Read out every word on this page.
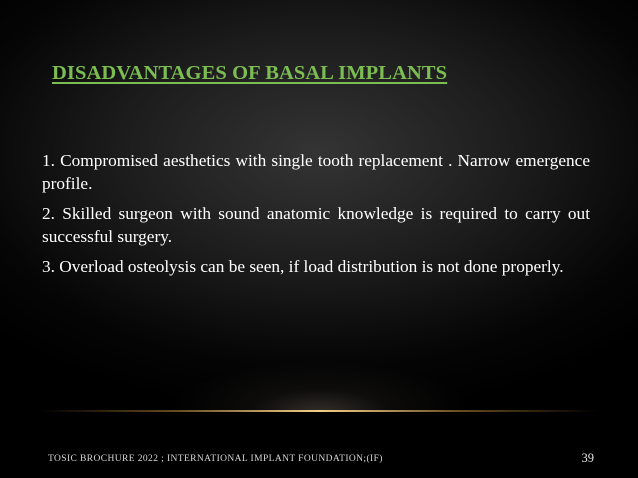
DISADVANTAGES OF BASAL IMPLANTS
1. Compromised aesthetics with single tooth replacement . Narrow emergence profile.
2. Skilled surgeon with sound anatomic knowledge is required to carry out successful surgery.
3. Overload osteolysis can be seen, if load distribution is not done properly.
TOSIC BROCHURE 2022 ; INTERNATIONAL IMPLANT FOUNDATION;(IF)	39
